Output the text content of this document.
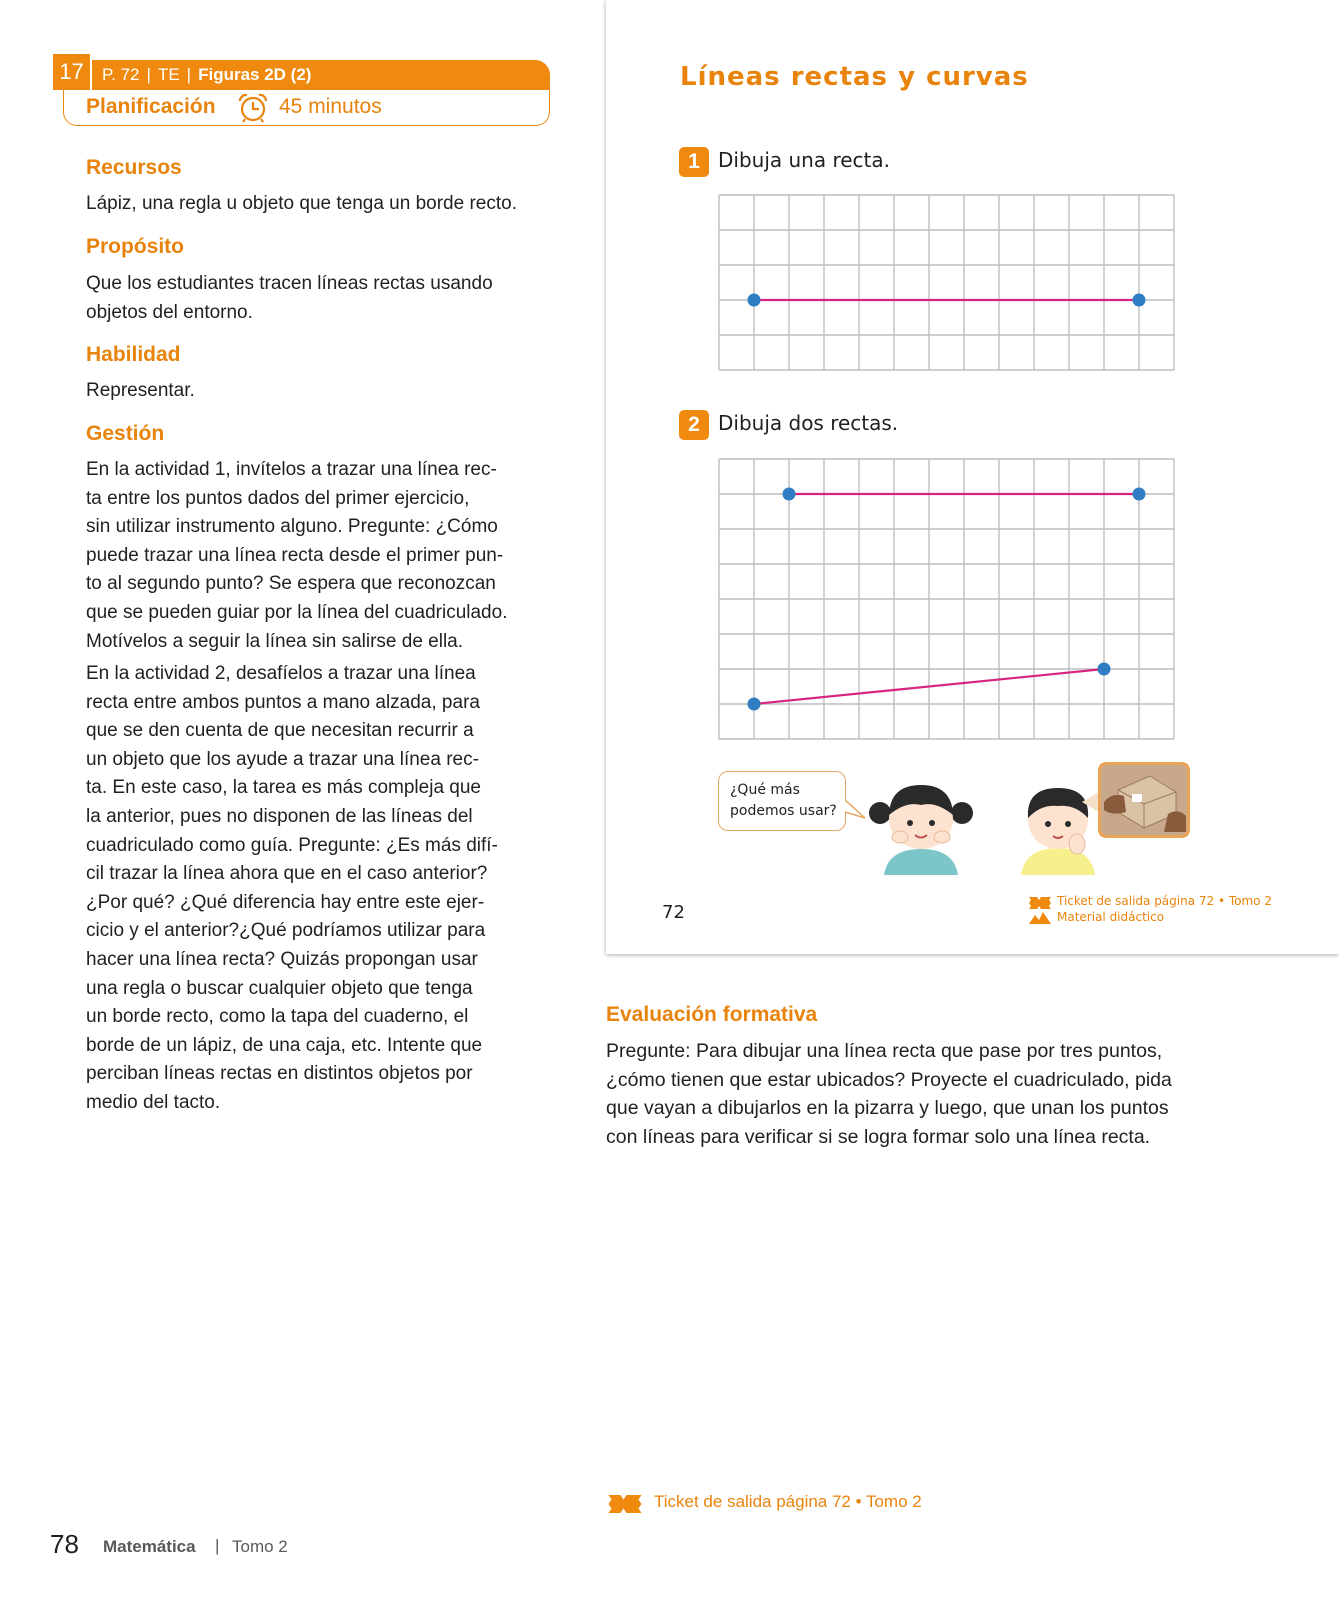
17	P. 72 | TE | Figuras 2D (2)
Planificación	45 minutos
Recursos

Lápiz, una regla u objeto que tenga un borde recto.

Propósito

Que los estudiantes tracen líneas rectas usando
objetos del entorno.

Habilidad

Representar.

Gestión

En la actividad 1, invítelos a trazar una línea rec-
ta entre los puntos dados del primer ejercicio,
sin utilizar instrumento alguno. Pregunte: ¿Cómo
puede trazar una línea recta desde el primer pun-
to al segundo punto? Se espera que reconozcan
que se pueden guiar por la línea del cuadriculado.
Motívelos a seguir la línea sin salirse de ella.

En la actividad 2, desafíelos a trazar una línea
recta entre ambos puntos a mano alzada, para
que se den cuenta de que necesitan recurrir a
un objeto que los ayude a trazar una línea rec-
ta. En este caso, la tarea es más compleja que
la anterior, pues no disponen de las líneas del
cuadriculado como guía. Pregunte: ¿Es más difí-
cil trazar la línea ahora que en el caso anterior?
¿Por qué? ¿Qué diferencia hay entre este ejer-
cicio y el anterior?¿Qué podríamos utilizar para
hacer una línea recta? Quizás propongan usar
una regla o buscar cualquier objeto que tenga
un borde recto, como la tapa del cuaderno, el
borde de un lápiz, de una caja, etc. Intente que
perciban líneas rectas en distintos objetos por
medio del tacto.

Líneas rectas y curvas
1 Dibuja una recta.
2 Dibuja dos rectas.
¿Qué más
podemos usar?
72
Ticket de salida página 72 • Tomo 2
Material didáctico
Evaluación formativa

Pregunte: Para dibujar una línea recta que pase por tres puntos,
¿cómo tienen que estar ubicados? Proyecte el cuadriculado, pida
que vayan a dibujarlos en la pizarra y luego, que unan los puntos
con líneas para verificar si se logra formar solo una línea recta.

Ticket de salida página 72 • Tomo 2
78 Matemática | Tomo 2
